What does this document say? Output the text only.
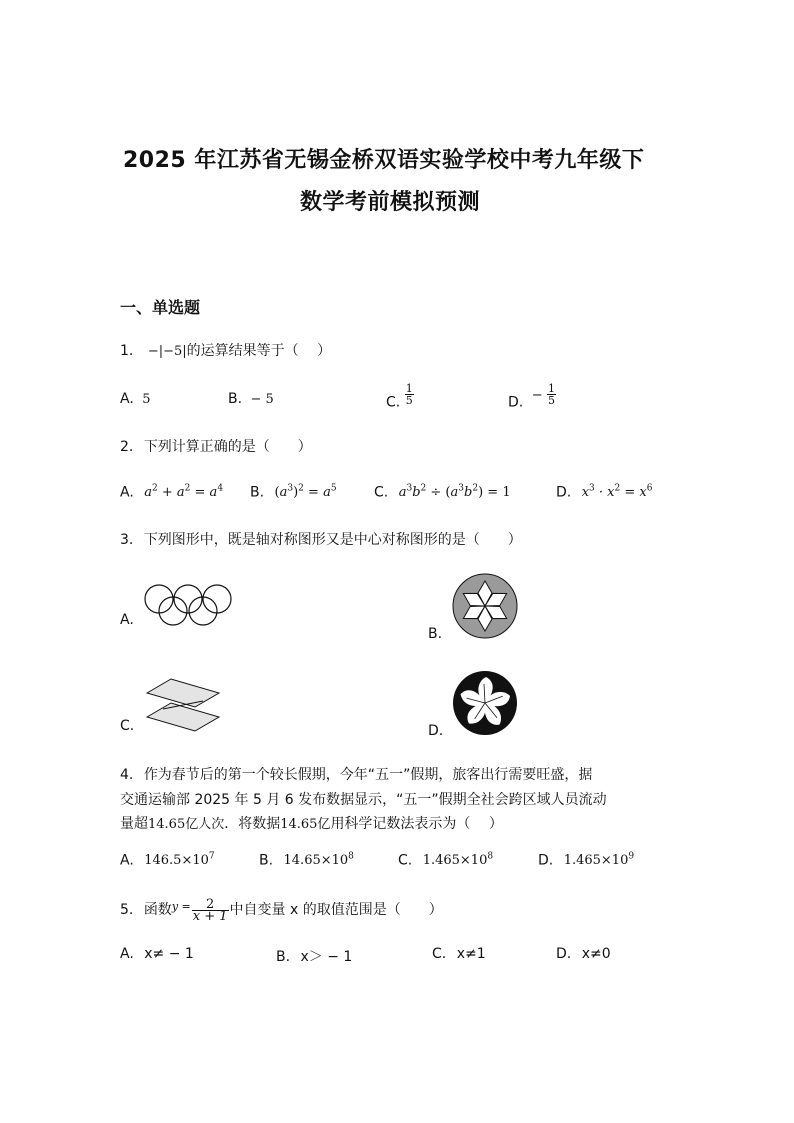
2025 年江苏省无锡金桥双语实验学校中考九年级下
数学考前模拟预测
一、单选题
1. −|−5|的运算结果等于（　 ）
A. 5	B. − 5	C. $\frac{1}{5}$	D. − $\frac{1}{5}$
2. 下列计算正确的是（　　）
A. $a^2 + a^2 = a^4$ B. $(a^3)^2 = a^5$	C. $a^3b^2 \div (a^3b^2) = 1$	D. $x^3 \cdot x^2 = x^6$
3. 下列图形中，既是轴对称图形又是中心对称图形的是（　　）
A.
B.
C.	D.
4. 作为春节后的第一个较长假期，今年“五一”假期，旅客出行需要旺盛，据
交通运输部 2025 年 5 月 6 发布数据显示，“五一”假期全社会跨区域人员流动
量超14.65亿人次．将数据14.65亿用科学记数法表示为（　 ）
A. $146.5\times 10^7$	B. $14.65\times 10^8$	C. $1.465\times 10^8$	D. $1.465\times 10^9$
5. 函数$^{y =} \frac{2}{x + 1}$ 中自变量 x 的取值范围是（　　）
A. x≠ − 1	B. x＞ − 1	C. x≠1	D. x≠0
